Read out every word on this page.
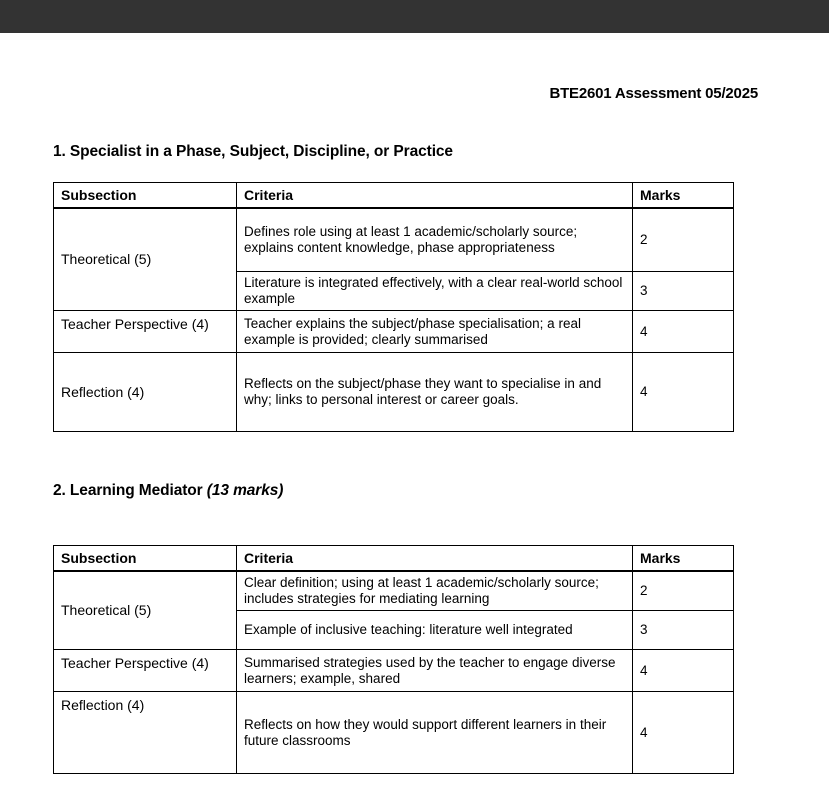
BTE2601 Assessment 05/2025
1. Specialist in a Phase, Subject, Discipline, or Practice
Subsection	Criteria	Marks
Theoretical (5)	Defines role using at least 1 academic/scholarly source; explains content knowledge, phase appropriateness	2
	Literature is integrated effectively, with a clear real-world school example	3
Teacher Perspective (4)	Teacher explains the subject/phase specialisation; a real example is provided; clearly summarised	4
Reflection (4)	Reflects on the subject/phase they want to specialise in and why; links to personal interest or career goals.	4
2. Learning Mediator (13 marks)
Subsection	Criteria	Marks
Theoretical (5)	Clear definition; using at least 1 academic/scholarly source; includes strategies for mediating learning	2
	Example of inclusive teaching: literature well integrated	3
Teacher Perspective (4)	Summarised strategies used by the teacher to engage diverse learners; example, shared	4
Reflection (4)	Reflects on how they would support different learners in their future classrooms	4
